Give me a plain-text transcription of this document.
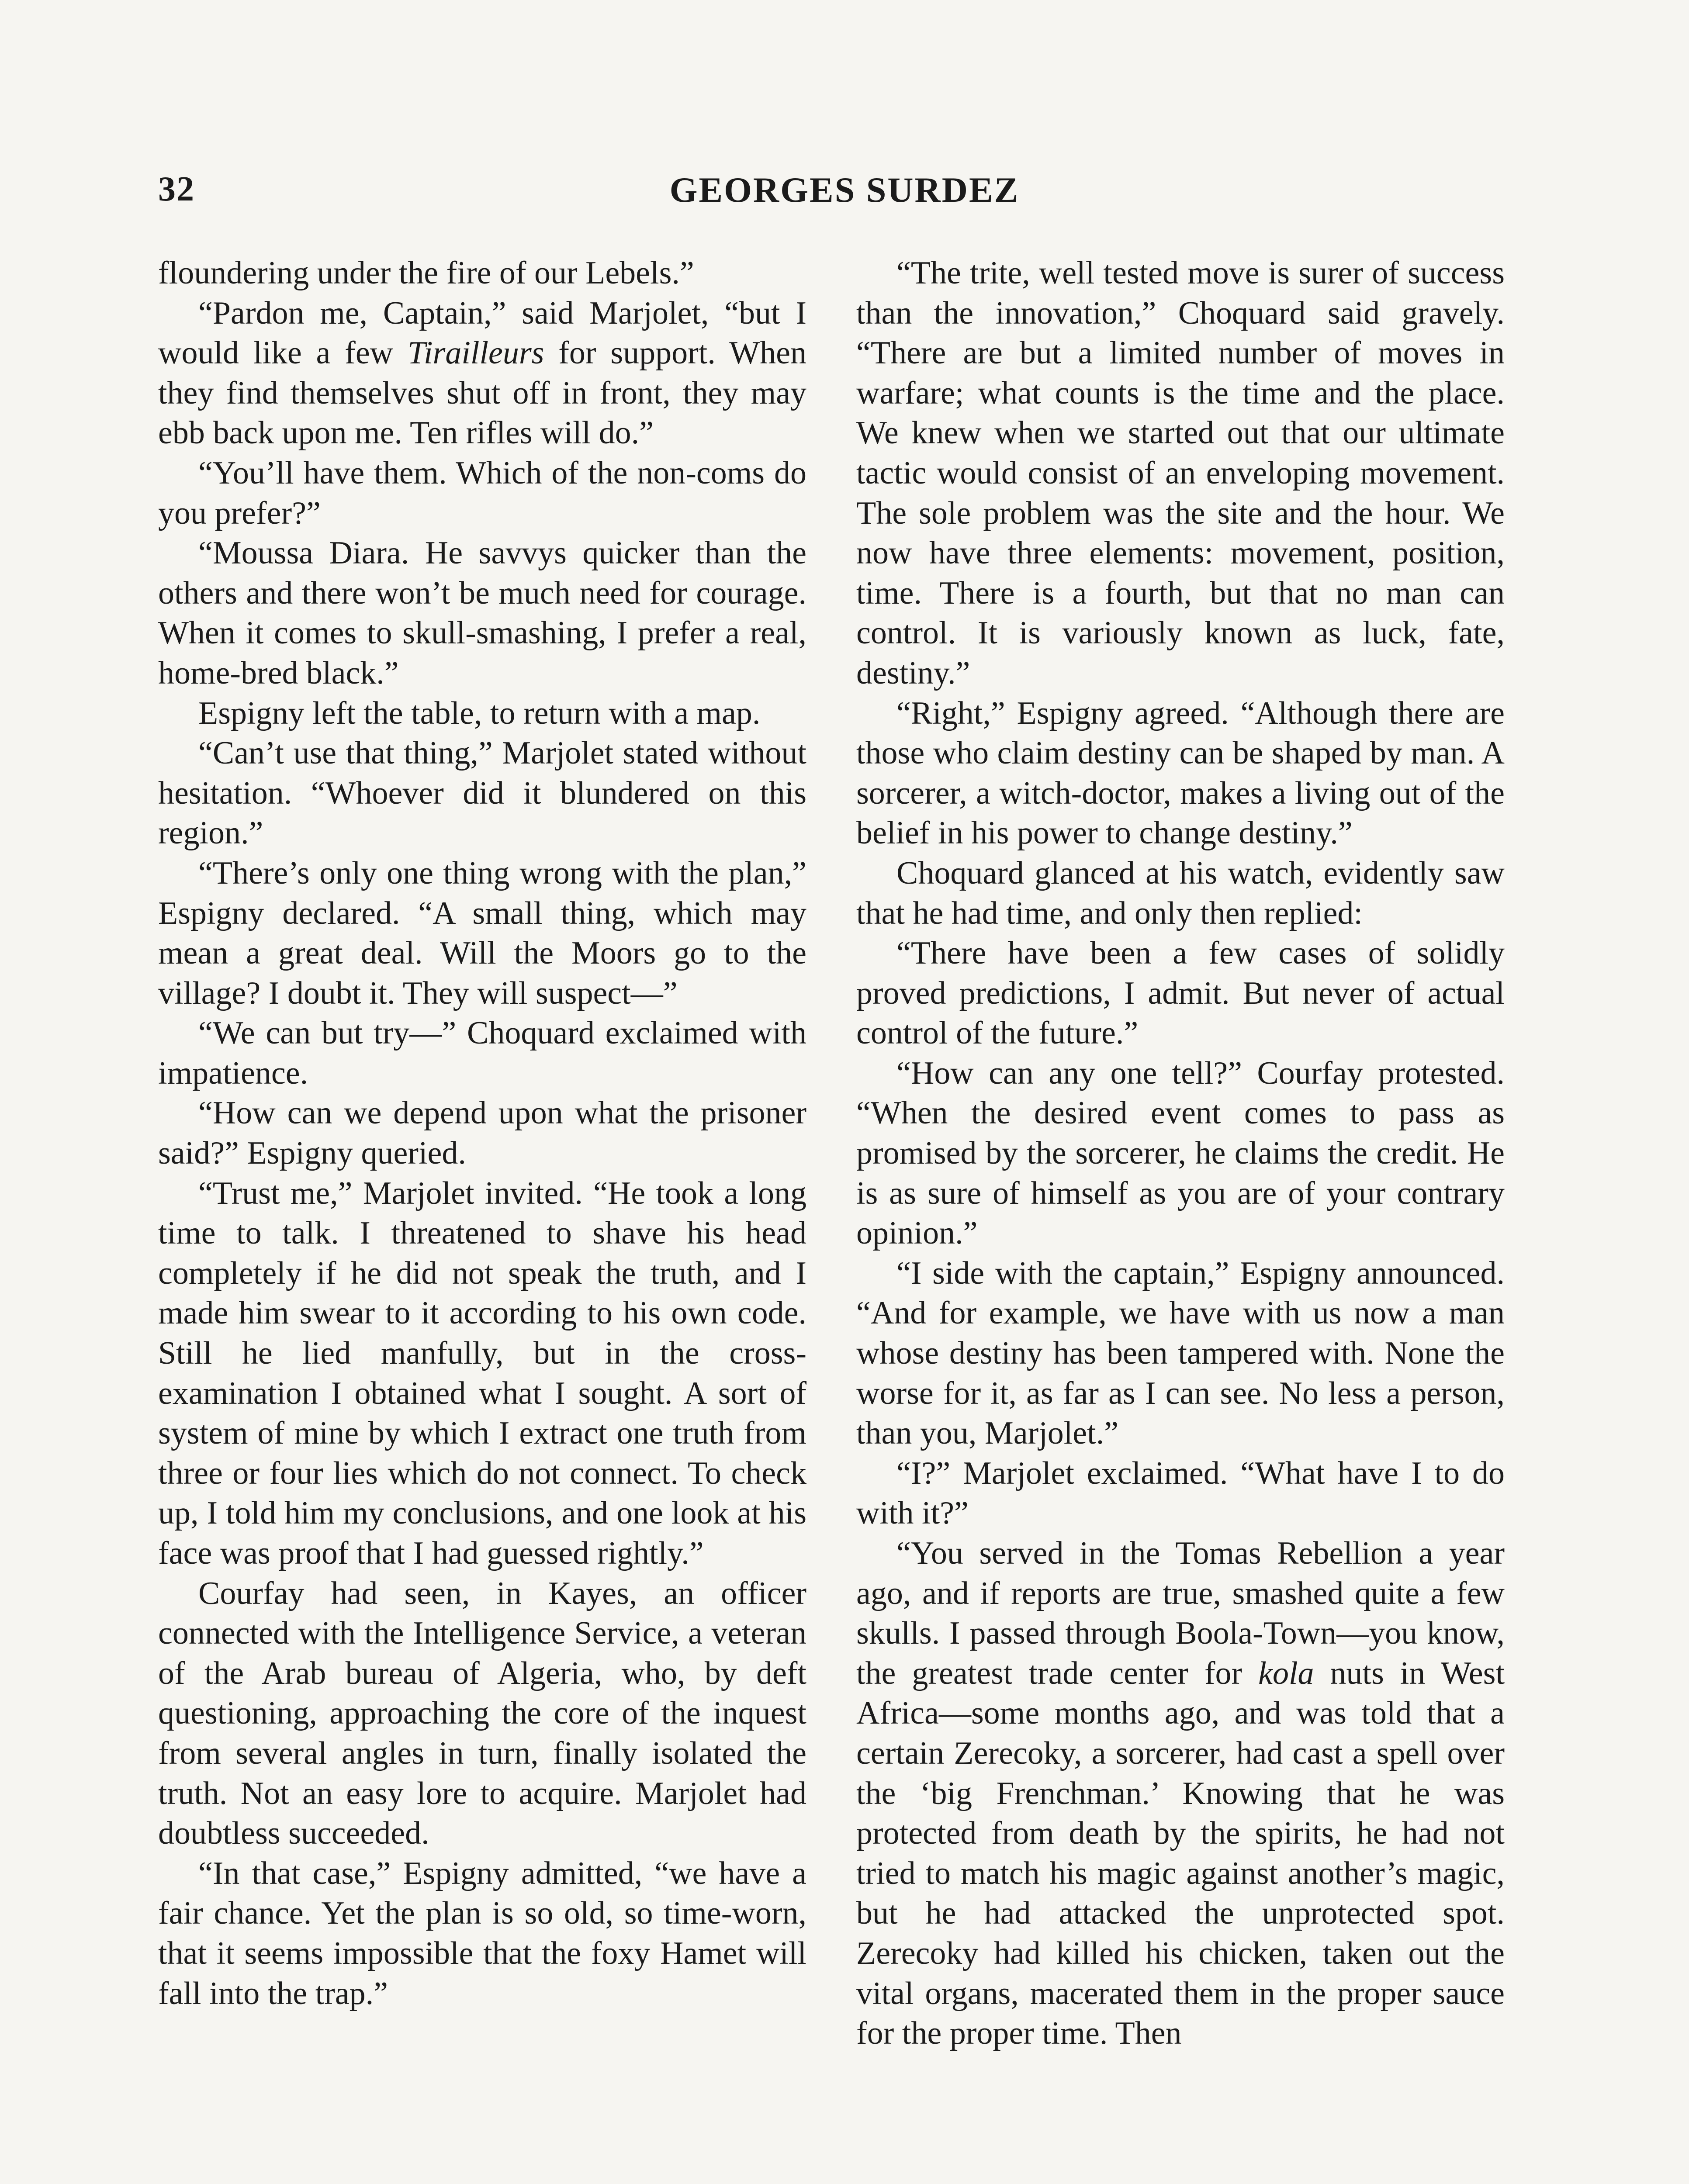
32	GEORGES SURDEZ

floundering under the fire of our Lebels.”

“Pardon me, Captain,” said Marjolet, “but I would like a few Tirailleurs for support. When they find themselves shut off in front, they may ebb back upon me. Ten rifles will do.”

“You’ll have them. Which of the non-coms do you prefer?”

“Moussa Diara. He savvys quicker than the others and there won’t be much need for courage. When it comes to skull-smashing, I prefer a real, home-bred black.”

Espigny left the table, to return with a map.

“Can’t use that thing,” Marjolet stated without hesitation. “Whoever did it blundered on this region.”

“There’s only one thing wrong with the plan,” Espigny declared. “A small thing, which may mean a great deal. Will the Moors go to the village? I doubt it. They will suspect—”

“We can but try—” Choquard exclaimed with impatience.

“How can we depend upon what the prisoner said?” Espigny queried.

“Trust me,” Marjolet invited. “He took a long time to talk. I threatened to shave his head completely if he did not speak the truth, and I made him swear to it according to his own code. Still he lied manfully, but in the cross-examination I obtained what I sought. A sort of system of mine by which I extract one truth from three or four lies which do not connect. To check up, I told him my conclusions, and one look at his face was proof that I had guessed rightly.”

Courfay had seen, in Kayes, an officer connected with the Intelligence Service, a veteran of the Arab bureau of Algeria, who, by deft questioning, approaching the core of the inquest from several angles in turn, finally isolated the truth. Not an easy lore to acquire. Marjolet had doubtless succeeded.

“In that case,” Espigny admitted, “we have a fair chance. Yet the plan is so old, so time-worn, that it seems impossible that the foxy Hamet will fall into the trap.”

“The trite, well tested move is surer of success than the innovation,” Choquard said gravely. “There are but a limited number of moves in warfare; what counts is the time and the place. We knew when we started out that our ultimate tactic would consist of an enveloping movement. The sole problem was the site and the hour. We now have three elements: movement, position, time. There is a fourth, but that no man can control. It is variously known as luck, fate, destiny.”

“Right,” Espigny agreed. “Although there are those who claim destiny can be shaped by man. A sorcerer, a witch-doctor, makes a living out of the belief in his power to change destiny.”

Choquard glanced at his watch, evidently saw that he had time, and only then replied:

“There have been a few cases of solidly proved predictions, I admit. But never of actual control of the future.”

“How can any one tell?” Courfay protested. “When the desired event comes to pass as promised by the sorcerer, he claims the credit. He is as sure of himself as you are of your contrary opinion.”

“I side with the captain,” Espigny announced. “And for example, we have with us now a man whose destiny has been tampered with. None the worse for it, as far as I can see. No less a person, than you, Marjolet.”

“I?” Marjolet exclaimed. “What have I to do with it?”

“You served in the Tomas Rebellion a year ago, and if reports are true, smashed quite a few skulls. I passed through Boola-Town—you know, the greatest trade center for kola nuts in West Africa—some months ago, and was told that a certain Zerecoky, a sorcerer, had cast a spell over the ‘big Frenchman.’ Knowing that he was protected from death by the spirits, he had not tried to match his magic against another’s magic, but he had attacked the unprotected spot. Zerecoky had killed his chicken, taken out the vital organs, macerated them in the proper sauce for the proper time. Then
